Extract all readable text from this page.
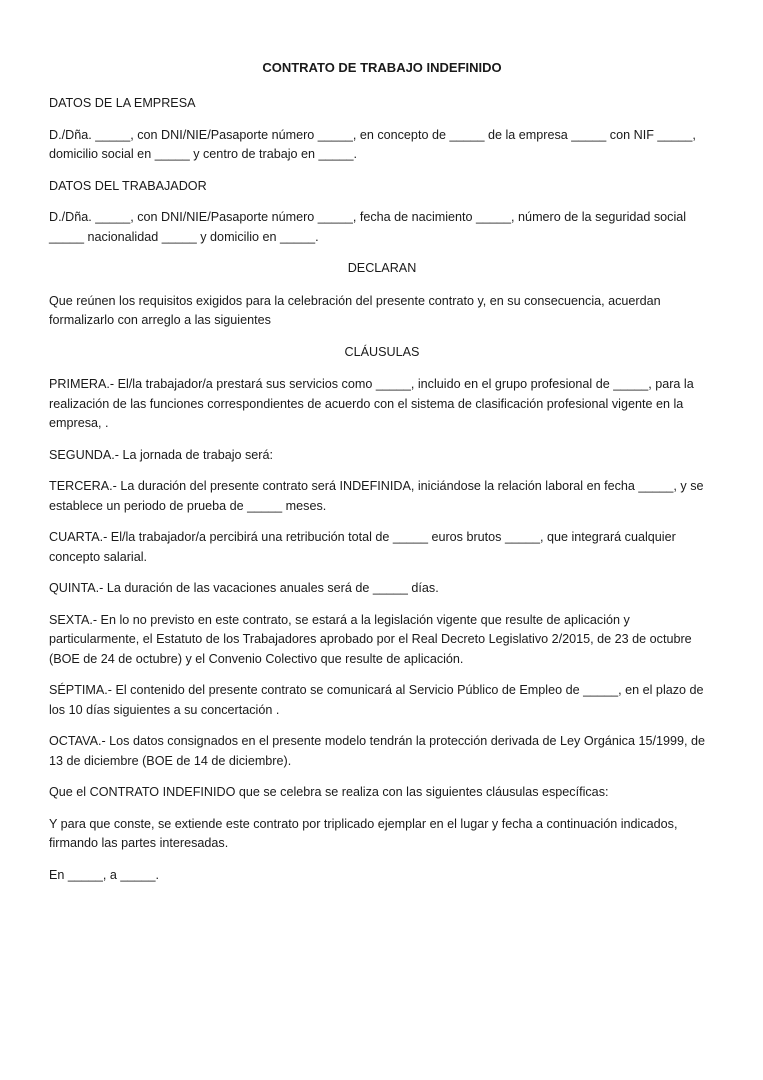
CONTRATO DE TRABAJO INDEFINIDO

DATOS DE LA EMPRESA

D./Dña. _____, con DNI/NIE/Pasaporte número _____, en concepto de _____ de la empresa _____ con NIF _____, domicilio social en _____ y centro de trabajo en _____.

DATOS DEL TRABAJADOR

D./Dña. _____, con DNI/NIE/Pasaporte número _____, fecha de nacimiento _____, número de la seguridad social _____ nacionalidad _____ y domicilio en _____.

DECLARAN

Que reúnen los requisitos exigidos para la celebración del presente contrato y, en su consecuencia, acuerdan formalizarlo con arreglo a las siguientes

CLÁUSULAS

PRIMERA.- El/la trabajador/a prestará sus servicios como _____, incluido en el grupo profesional de _____, para la realización de las funciones correspondientes de acuerdo con el sistema de clasificación profesional vigente en la empresa, .

SEGUNDA.- La jornada de trabajo será:

TERCERA.- La duración del presente contrato será INDEFINIDA, iniciándose la relación laboral en fecha _____, y se establece un periodo de prueba de _____ meses.

CUARTA.- El/la trabajador/a percibirá una retribución total de _____ euros brutos _____, que integrará cualquier concepto salarial.

QUINTA.- La duración de las vacaciones anuales será de _____ días.

SEXTA.- En lo no previsto en este contrato, se estará a la legislación vigente que resulte de aplicación y particularmente, el Estatuto de los Trabajadores aprobado por el Real Decreto Legislativo 2/2015, de 23 de octubre (BOE de 24 de octubre) y el Convenio Colectivo que resulte de aplicación.

SÉPTIMA.- El contenido del presente contrato se comunicará al Servicio Público de Empleo de _____, en el plazo de los 10 días siguientes a su concertación .

OCTAVA.- Los datos consignados en el presente modelo tendrán la protección derivada de Ley Orgánica 15/1999, de 13 de diciembre (BOE de 14 de diciembre).

Que el CONTRATO INDEFINIDO que se celebra se realiza con las siguientes cláusulas específicas:

Y para que conste, se extiende este contrato por triplicado ejemplar en el lugar y fecha a continuación indicados, firmando las partes interesadas.

En _____, a _____.
